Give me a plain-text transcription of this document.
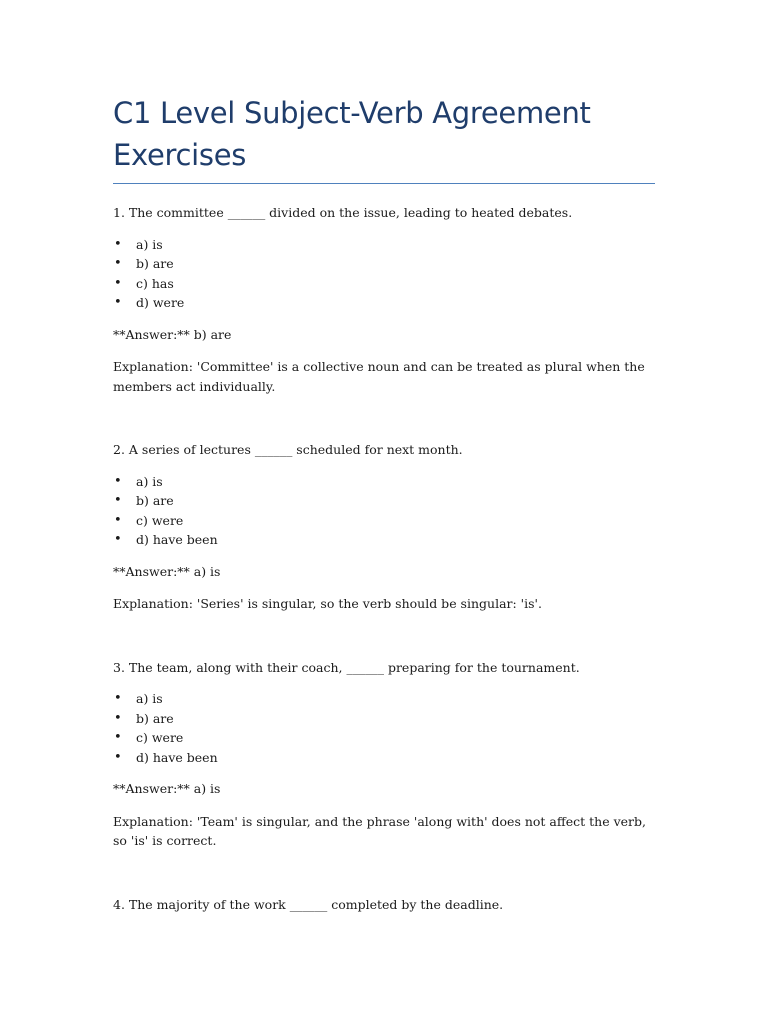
C1 Level Subject-Verb Agreement Exercises

1. The committee ______ divided on the issue, leading to heated debates.

• a) is
• b) are
• c) has
• d) were

**Answer:** b) are

Explanation: 'Committee' is a collective noun and can be treated as plural when the members act individually.

2. A series of lectures ______ scheduled for next month.

• a) is
• b) are
• c) were
• d) have been

**Answer:** a) is

Explanation: 'Series' is singular, so the verb should be singular: 'is'.

3. The team, along with their coach, ______ preparing for the tournament.

• a) is
• b) are
• c) were
• d) have been

**Answer:** a) is

Explanation: 'Team' is singular, and the phrase 'along with' does not affect the verb, so 'is' is correct.

4. The majority of the work ______ completed by the deadline.
